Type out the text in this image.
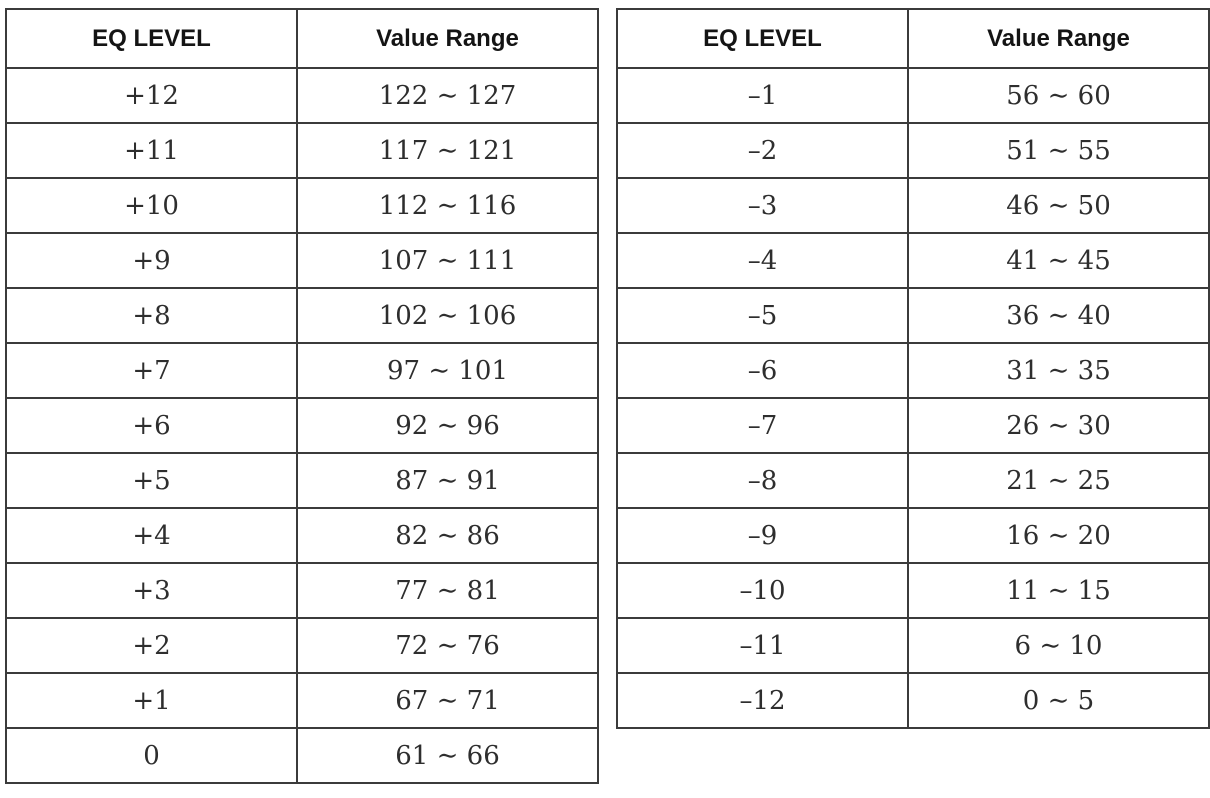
EQ LEVEL	Value Range
+12	122 ∼ 127
+11	117 ∼ 121
+10	112 ∼ 116
+9	107 ∼ 111
+8	102 ∼ 106
+7	97 ∼ 101
+6	92 ∼ 96
+5	87 ∼ 91
+4	82 ∼ 86
+3	77 ∼ 81
+2	72 ∼ 76
+1	67 ∼ 71
0	61 ∼ 66
EQ LEVEL	Value Range
–1	56 ∼ 60
–2	51 ∼ 55
–3	46 ∼ 50
–4	41 ∼ 45
–5	36 ∼ 40
–6	31 ∼ 35
–7	26 ∼ 30
–8	21 ∼ 25
–9	16 ∼ 20
–10	11 ∼ 15
–11	6 ∼ 10
–12	0 ∼ 5
